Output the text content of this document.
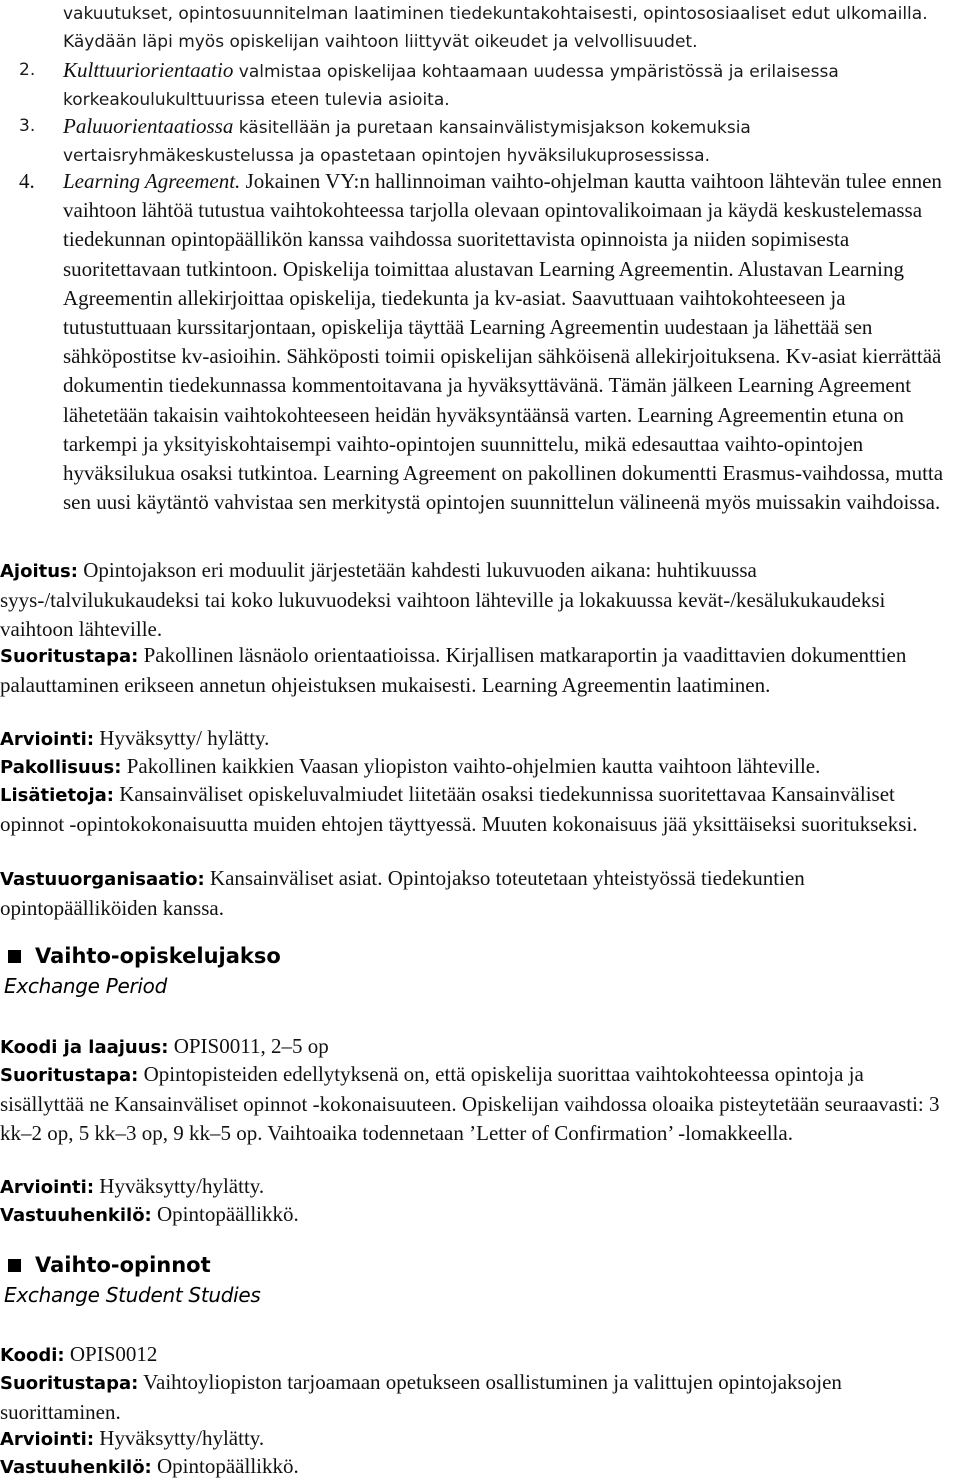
vakuutukset, opintosuunnitelman laatiminen tiedekuntakohtaisesti, opintososiaaliset edut ulkomailla. Käydään läpi myös opiskelijan vaihtoon liittyvät oikeudet ja velvollisuudet.
2. Kulttuuriorientaatio valmistaa opiskelijaa kohtaamaan uudessa ympäristössä ja erilaisessa korkeakoulukulttuurissa eteen tulevia asioita.
3. Paluuorientaatiossa käsitellään ja puretaan kansainvälistymisjakson kokemuksia vertaisryhmäkeskustelussa ja opastetaan opintojen hyväksilukuprosessissa.
4. Learning Agreement. Jokainen VY:n hallinnoiman vaihto-ohjelman kautta vaihtoon lähtevän tulee ennen vaihtoon lähtöä tutustua vaihtokohteessa tarjolla olevaan opintovalikoimaan ja käydä keskustelemassa tiedekunnan opintopäällikön kanssa vaihdossa suoritettavista opinnoista ja niiden sopimisesta suoritettavaan tutkintoon. Opiskelija toimittaa alustavan Learning Agreementin. Alustavan Learning Agreementin allekirjoittaa opiskelija, tiedekunta ja kv-asiat. Saavuttuaan vaihtokohteeseen ja tutustuttuaan kurssitarjontaan, opiskelija täyttää Learning Agreementin uudestaan ja lähettää sen sähköpostitse kv-asioihin. Sähköposti toimii opiskelijan sähköisenä allekirjoituksena. Kv-asiat kierrättää dokumentin tiedekunnassa kommentoitavana ja hyväksyttävänä. Tämän jälkeen Learning Agreement lähetetään takaisin vaihtokohteeseen heidän hyväksyntäänsä varten. Learning Agreementin etuna on tarkempi ja yksityiskohtaisempi vaihto-opintojen suunnittelu, mikä edesauttaa vaihto-opintojen hyväksilukua osaksi tutkintoa. Learning Agreement on pakollinen dokumentti Erasmus-vaihdossa, mutta sen uusi käytäntö vahvistaa sen merkitystä opintojen suunnittelun välineenä myös muissakin vaihdoissa.
Ajoitus: Opintojakson eri moduulit järjestetään kahdesti lukuvuoden aikana: huhtikuussa syys-/talvilukukaudeksi tai koko lukuvuodeksi vaihtoon lähteville ja lokakuussa kevät-/kesälukukaudeksi vaihtoon lähteville.
Suoritustapa: Pakollinen läsnäolo orientaatioissa. Kirjallisen matkaraportin ja vaadittavien dokumenttien palauttaminen erikseen annetun ohjeistuksen mukaisesti. Learning Agreementin laatiminen.
Arviointi: Hyväksytty/ hylätty.
Pakollisuus: Pakollinen kaikkien Vaasan yliopiston vaihto-ohjelmien kautta vaihtoon lähteville.
Lisätietoja: Kansainväliset opiskeluvalmiudet liitetään osaksi tiedekunnissa suoritettavaa Kansainväliset opinnot -opintokokonaisuutta muiden ehtojen täyttyessä. Muuten kokonaisuus jää yksittäiseksi suoritukseksi.
Vastuuorganisaatio: Kansainväliset asiat. Opintojakso toteutetaan yhteistyössä tiedekuntien opintopäälliköiden kanssa.
Vaihto-opiskelujakso
Exchange Period
Koodi ja laajuus: OPIS0011, 2–5 op
Suoritustapa: Opintopisteiden edellytyksenä on, että opiskelija suorittaa vaihtokohteessa opintoja ja sisällyttää ne Kansainväliset opinnot -kokonaisuuteen. Opiskelijan vaihdossa oloaika pisteytetään seuraavasti: 3 kk–2 op, 5 kk–3 op, 9 kk–5 op. Vaihtoaika todennetaan ’Letter of Confirmation’ -lomakkeella.
Arviointi: Hyväksytty/hylätty.
Vastuuhenkilö: Opintopäällikkö.
Vaihto-opinnot
Exchange Student Studies
Koodi: OPIS0012
Suoritustapa: Vaihtoyliopiston tarjoamaan opetukseen osallistuminen ja valittujen opintojaksojen suorittaminen.
Arviointi: Hyväksytty/hylätty.
Vastuuhenkilö: Opintopäällikkö.
